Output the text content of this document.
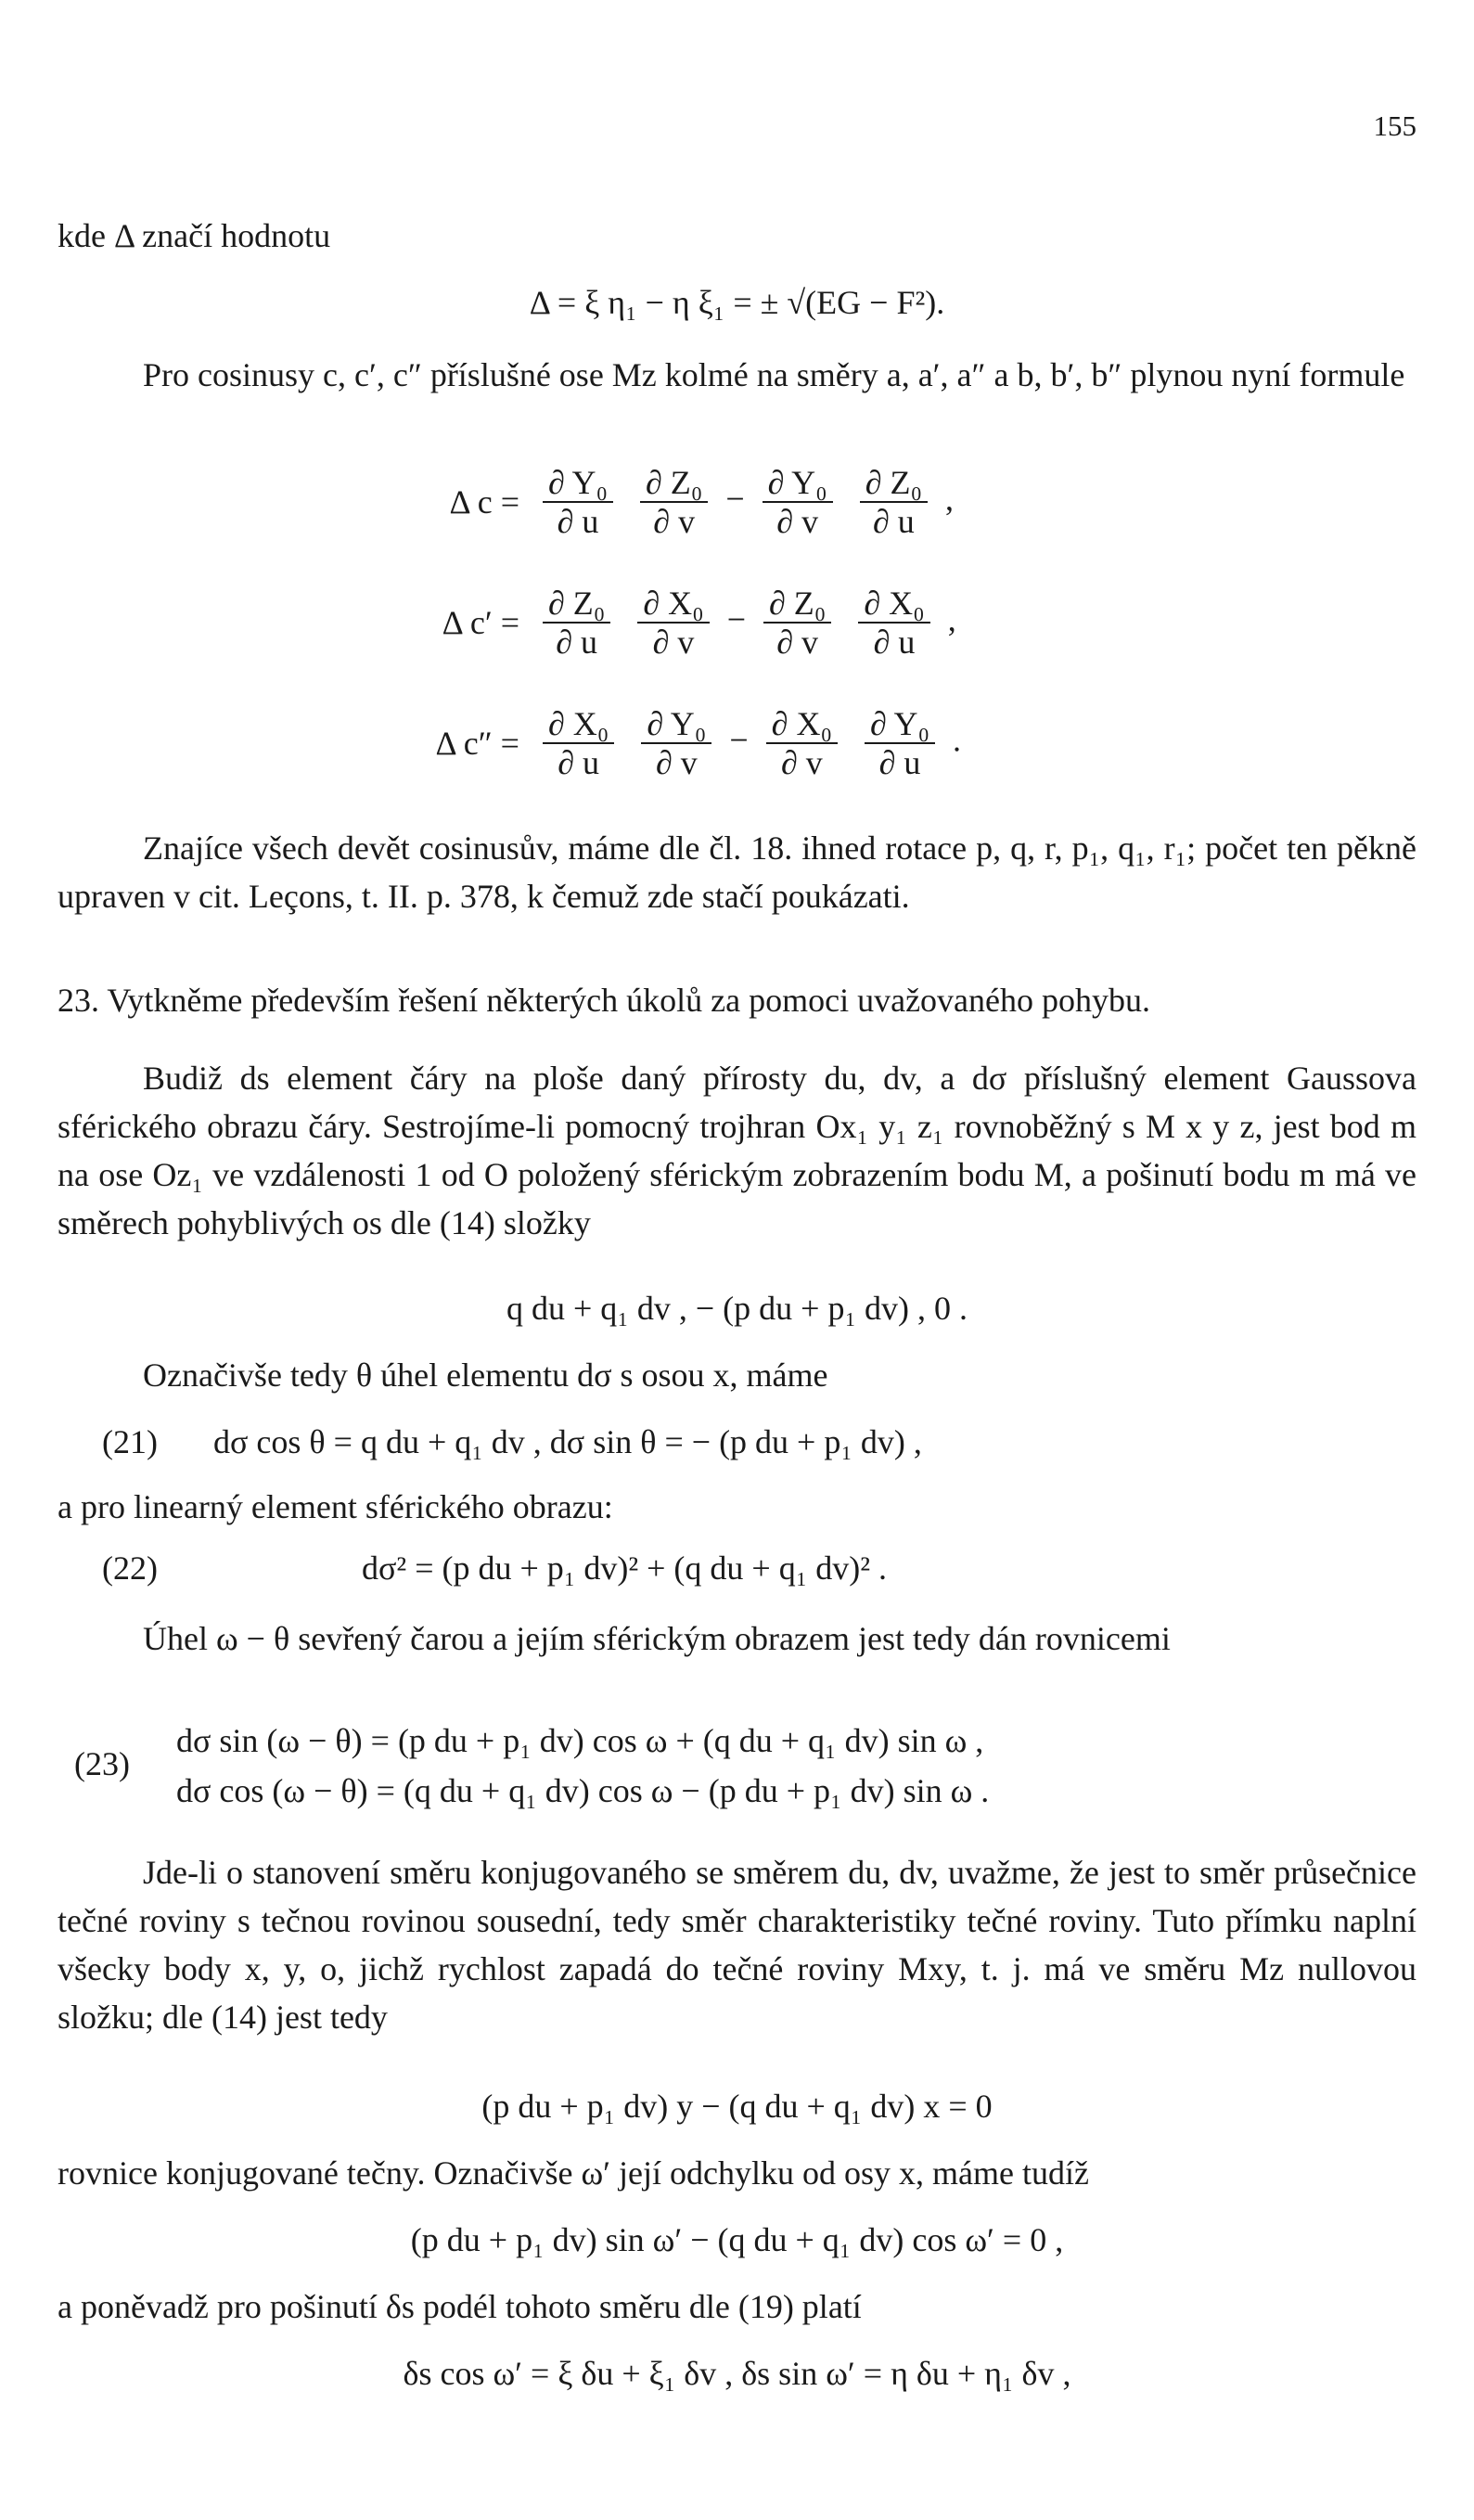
155
kde Δ značí hodnotu
Δ = ξ η₁ − η ξ₁ = ± √(EG − F²).
Pro cosinusy c, c′, c″ příslušné ose Mz kolmé na směry a, a′, a″ a b, b′, b″ plynou nyní formule
Δ $c = \frac{\text{∂ Y₀}}{\partial u}$
$\frac{\text{∂ Z₀}}{\partial v} - \frac{\text{∂ Y₀}}{\partial v}$
$\frac{\text{∂ Z₀}}{\partial u}$ ,
Δ $c' = \frac{\text{∂ Z₀}}{\partial u}$
$\frac{\text{∂ X₀}}{\partial v} - \frac{\text{∂ Z₀}}{\partial v}$
$\frac{\text{∂ X₀}}{\partial u}$ ,
Δ $c'' = \frac{\text{∂ X₀}}{\partial u}$
$\frac{\text{∂ Y₀}}{\partial v} - \frac{\text{∂ X₀}}{\partial v}$
$\frac{\text{∂ Y₀}}{\partial u}$ .
Znajíce všech devět cosinusův, máme dle čl. 18. ihned rotace p, q, r, p₁, q₁, r₁; počet ten pěkně upraven v cit. Leçons, t. II. p. 378, k čemuž zde stačí poukázati.
23. Vytkněme především řešení některých úkolů za pomoci uvažovaného pohybu.
Budiž ds element čáry na ploše daný přírosty du, dv, a dσ příslušný element Gaussova sférického obrazu čáry. Sestrojíme-li pomocný trojhran Ox₁ y₁ z₁ rovnoběžný s M x y z, jest bod m na ose Oz₁ ve vzdálenosti 1 od O položený sférickým zobrazením bodu M, a pošinutí bodu m má ve směrech pohyblivých os dle (14) složky
q du + q₁ dv , − (p du + p₁ dv) , 0 .
Označivše tedy θ úhel elementu dσ s osou x, máme
(21) dσ cos θ = q du + q₁ dv , dσ sin θ = − (p du + p₁ dv) ,
a pro linearný element sférického obrazu:
(22)	dσ² = (p du + p₁ dv)² + (q du + q₁ dv)² .
Úhel ω − θ sevřený čarou a jejím sférickým obrazem jest tedy dán rovnicemi
(23)
dσ sin (ω − θ) = (p du + p₁ dv) cos ω + (q du + q₁ dv) sin ω ,
dσ cos (ω − θ) = (q du + q₁ dv) cos ω − (p du + p₁ dv) sin ω .
Jde-li o stanovení směru konjugovaného se směrem du, dv, uvažme, že jest to směr průsečnice tečné roviny s tečnou rovinou sousední, tedy směr charakteristiky tečné roviny. Tuto přímku naplní všecky body x, y, o, jichž rychlost zapadá do tečné roviny Mxy, t. j. má ve směru Mz nullovou složku; dle (14) jest tedy
(p du + p₁ dv) y − (q du + q₁ dv) x = 0
rovnice konjugované tečny. Označivše ω′ její odchylku od osy x, máme tudíž
(p du + p₁ dv) sin ω′ − (q du + q₁ dv) cos ω′ = 0 ,
a poněvadž pro pošinutí δs podél tohoto směru dle (19) platí
δs cos ω′ = ξ δu + ξ₁ δv , δs sin ω′ = η δu + η₁ δv ,
